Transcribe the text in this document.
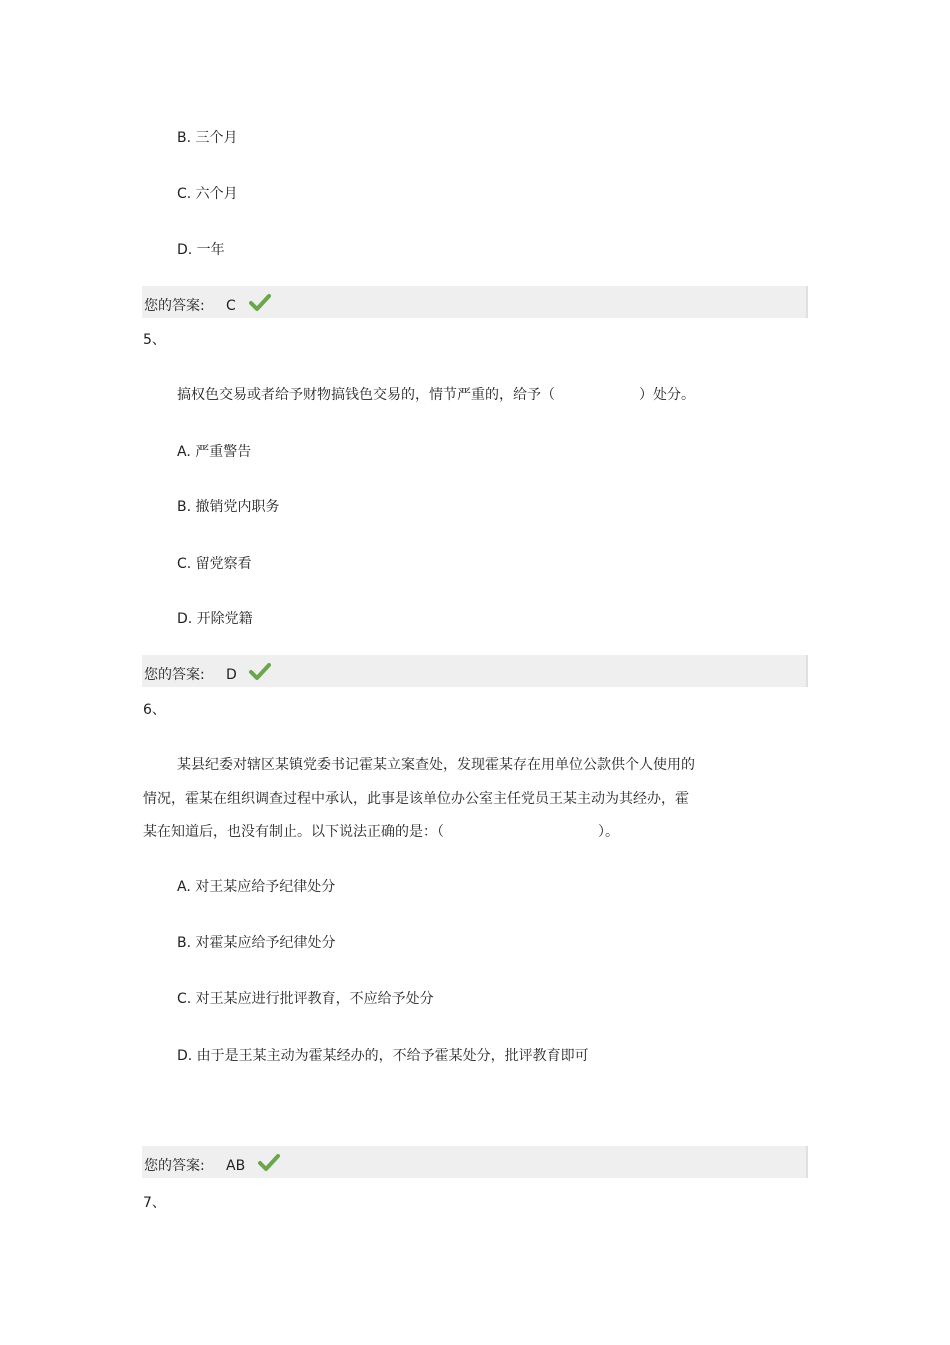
B. 三个月
C. 六个月
D. 一年
您的答案: C
5、
搞权色交易或者给予财物搞钱色交易的，情节严重的，给予（　　　　　　）处分。
A. 严重警告
B. 撤销党内职务
C. 留党察看
D. 开除党籍
您的答案: D
6、
某县纪委对辖区某镇党委书记霍某立案查处，发现霍某存在用单位公款供个人使用的
情况，霍某在组织调查过程中承认，此事是该单位办公室主任党员王某主动为其经办，霍
某在知道后，也没有制止。以下说法正确的是：（　　　　　　　　　　　）。
A. 对王某应给予纪律处分
B. 对霍某应给予纪律处分
C. 对王某应进行批评教育，不应给予处分
D. 由于是王某主动为霍某经办的，不给予霍某处分，批评教育即可
您的答案: AB
7、
